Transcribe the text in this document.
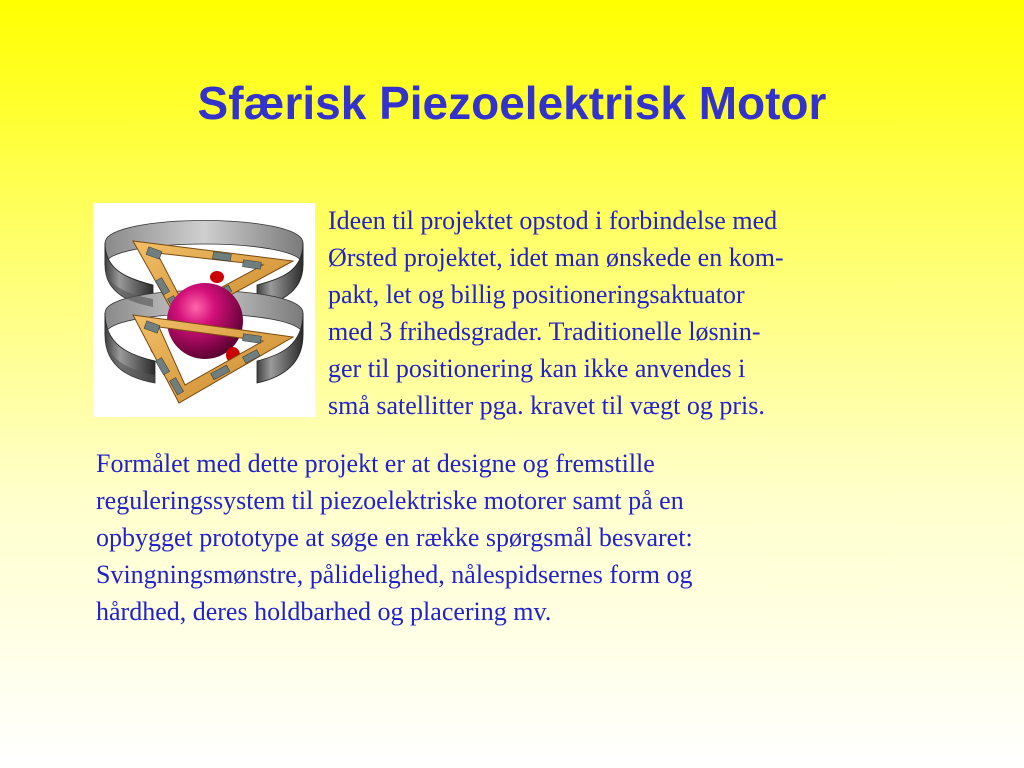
Sfærisk Piezoelektrisk Motor
Ideen til projektet opstod i forbindelse med
Ørsted projektet, idet man ønskede en kom-
pakt, let og billig positioneringsaktuator
med 3 frihedsgrader. Traditionelle løsnin-
ger til positionering kan ikke anvendes i
små satellitter pga. kravet til vægt og pris.
Formålet med dette projekt er at designe og fremstille
reguleringssystem til piezoelektriske motorer samt på en
opbygget prototype at søge en række spørgsmål besvaret:
Svingningsmønstre, pålidelighed, nålespidsernes form og
hårdhed, deres holdbarhed og placering mv.
